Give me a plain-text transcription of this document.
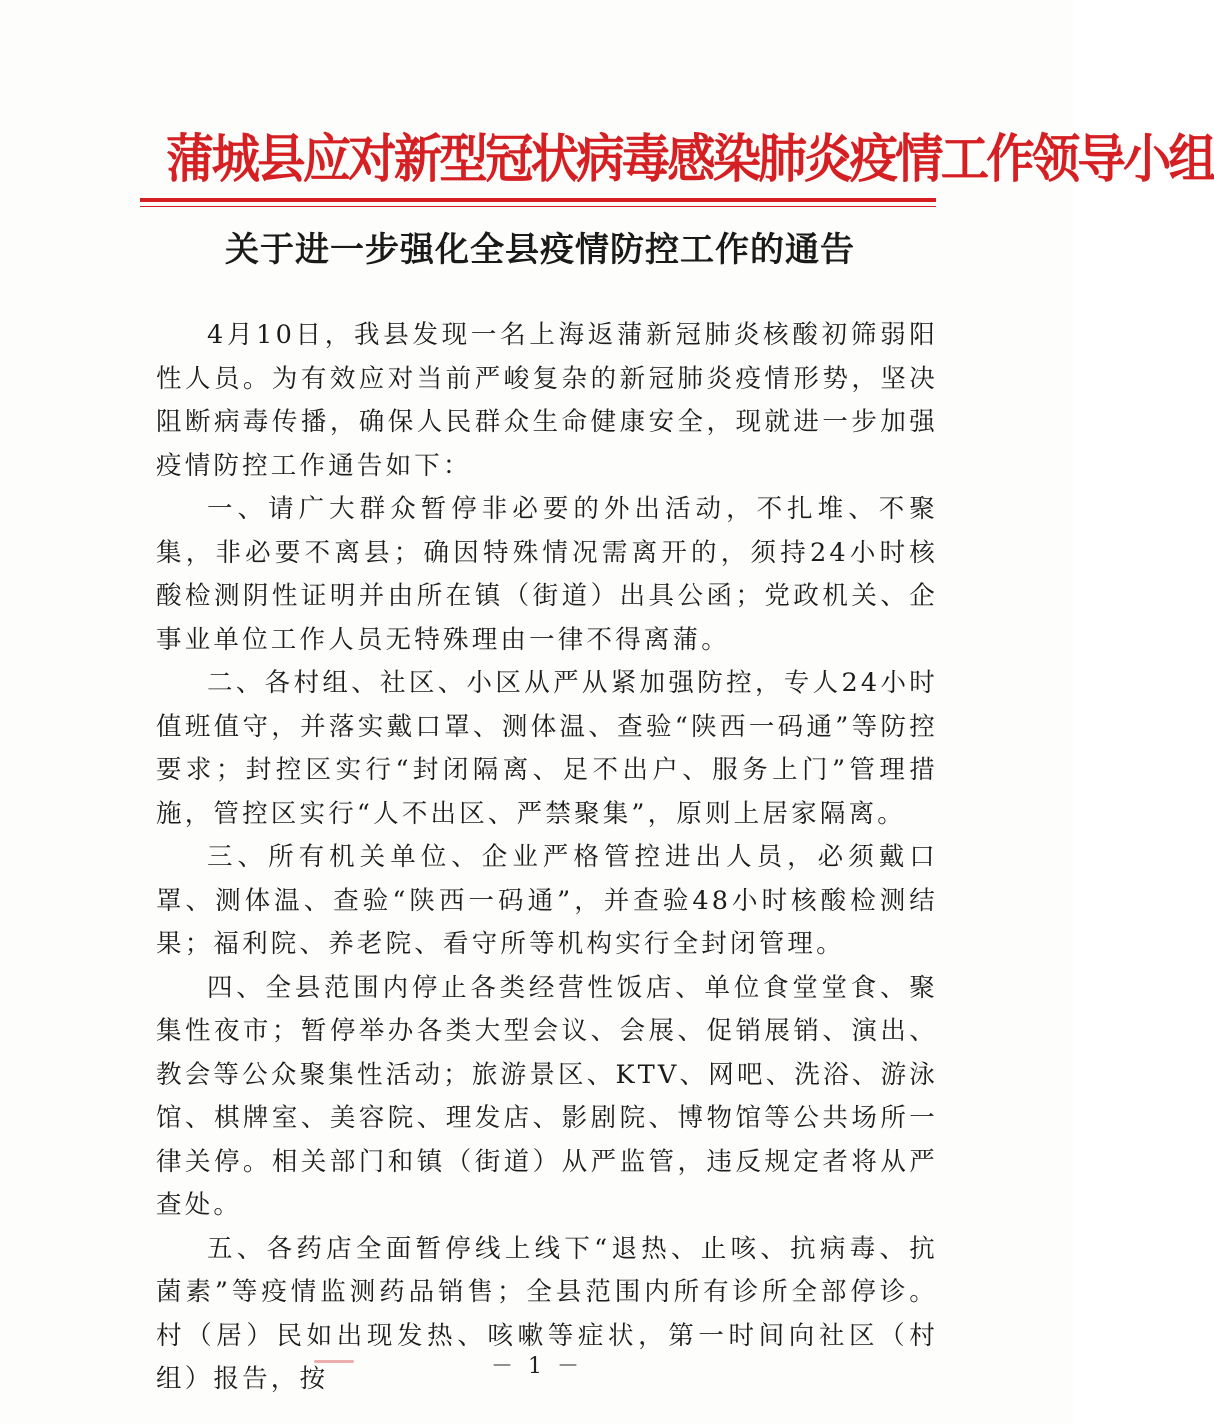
蒲城县应对新型冠状病毒感染肺炎疫情工作领导小组
关于进一步强化全县疫情防控工作的通告

4月10日，我县发现一名上海返蒲新冠肺炎核酸初筛弱阳性人员。为有效应对当前严峻复杂的新冠肺炎疫情形势，坚决阻断病毒传播，确保人民群众生命健康安全，现就进一步加强疫情防控工作通告如下：

一、请广大群众暂停非必要的外出活动，不扎堆、不聚集，非必要不离县；确因特殊情况需离开的，须持24小时核酸检测阴性证明并由所在镇（街道）出具公函；党政机关、企事业单位工作人员无特殊理由一律不得离蒲。

二、各村组、社区、小区从严从紧加强防控，专人24小时值班值守，并落实戴口罩、测体温、查验“陕西一码通”等防控要求；封控区实行“封闭隔离、足不出户、服务上门”管理措施，管控区实行“人不出区、严禁聚集”，原则上居家隔离。

三、所有机关单位、企业严格管控进出人员，必须戴口罩、测体温、查验“陕西一码通”，并查验48小时核酸检测结果；福利院、养老院、看守所等机构实行全封闭管理。

四、全县范围内停止各类经营性饭店、单位食堂堂食、聚集性夜市；暂停举办各类大型会议、会展、促销展销、演出、教会等公众聚集性活动；旅游景区、KTV、网吧、洗浴、游泳馆、棋牌室、美容院、理发店、影剧院、博物馆等公共场所一律关停。相关部门和镇（街道）从严监管，违反规定者将从严查处。

五、各药店全面暂停线上线下“退热、止咳、抗病毒、抗菌素”等疫情监测药品销售；全县范围内所有诊所全部停诊。村（居）民如出现发热、咳嗽等症状，第一时间向社区（村组）报告，按	－ 1 －
